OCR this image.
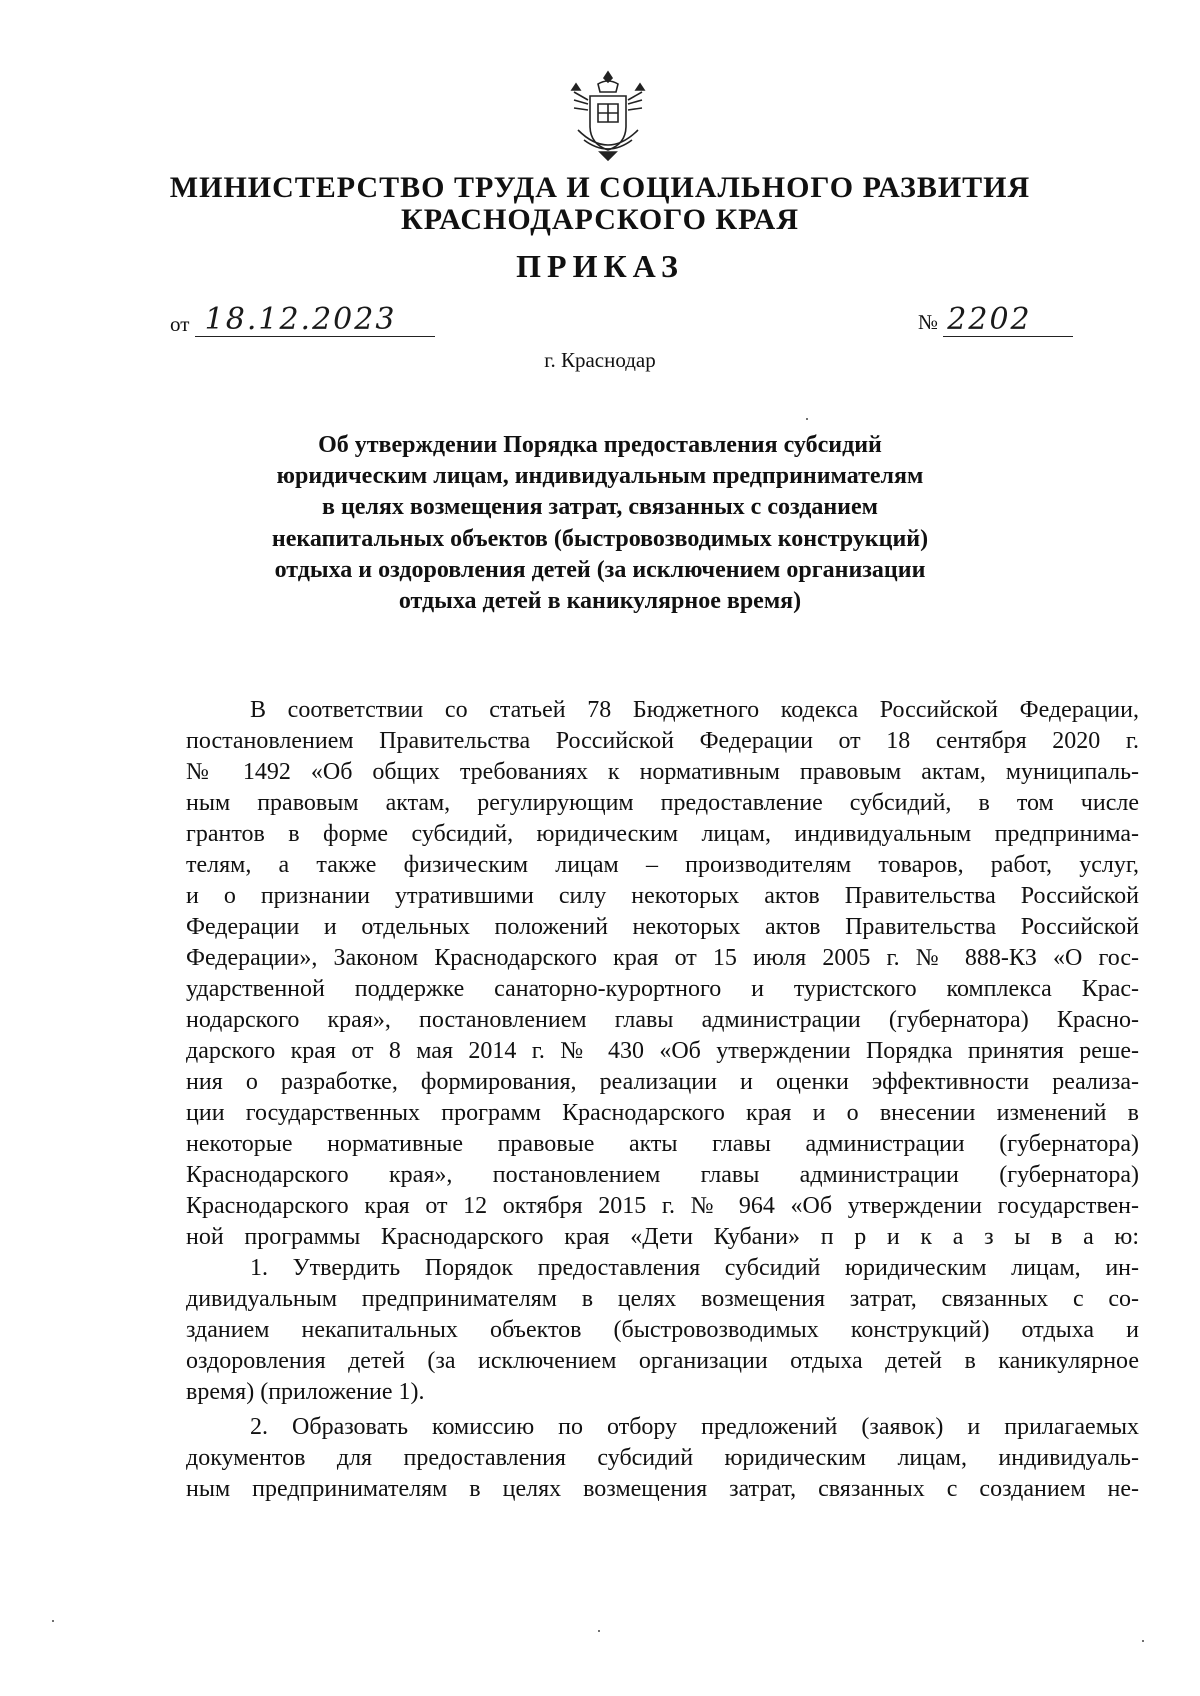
МИНИСТЕРСТВО ТРУДА И СОЦИАЛЬНОГО РАЗВИТИЯ
КРАСНОДАРСКОГО КРАЯ
ПРИКАЗ
от 18.12.2023	№ 2202
г. Краснодар
Об утверждении Порядка предоставления субсидий
юридическим лицам, индивидуальным предпринимателям
в целях возмещения затрат, связанных с созданием
некапитальных объектов (быстровозводимых конструкций)
отдыха и оздоровления детей (за исключением организации
отдыха детей в каникулярное время)
В соответствии со статьей 78 Бюджетного кодекса Российской Федерации,
постановлением Правительства Российской Федерации от 18 сентября 2020 г.
№ 1492 «Об общих требованиях к нормативным правовым актам, муниципаль-
ным правовым актам, регулирующим предоставление субсидий, в том числе
грантов в форме субсидий, юридическим лицам, индивидуальным предпринима-
телям, а также физическим лицам – производителям товаров, работ, услуг,
и о признании утратившими силу некоторых актов Правительства Российской
Федерации и отдельных положений некоторых актов Правительства Российской
Федерации», Законом Краснодарского края от 15 июля 2005 г. № 888-КЗ «О гос-
ударственной поддержке санаторно-курортного и туристского комплекса Крас-
нодарского края», постановлением главы администрации (губернатора) Красно-
дарского края от 8 мая 2014 г. № 430 «Об утверждении Порядка принятия реше-
ния о разработке, формирования, реализации и оценки эффективности реализа-
ции государственных программ Краснодарского края и о внесении изменений в
некоторые нормативные правовые акты главы администрации (губернатора)
Краснодарского края», постановлением главы администрации (губернатора)
Краснодарского края от 12 октября 2015 г. № 964 «Об утверждении государствен-
ной программы Краснодарского края «Дети Кубани» п р и к а з ы в а ю:
1. Утвердить Порядок предоставления субсидий юридическим лицам, ин-
дивидуальным предпринимателям в целях возмещения затрат, связанных с со-
зданием некапитальных объектов (быстровозводимых конструкций) отдыха и
оздоровления детей (за исключением организации отдыха детей в каникулярное
время) (приложение 1).
2. Образовать комиссию по отбору предложений (заявок) и прилагаемых
документов для предоставления субсидий юридическим лицам, индивидуаль-
ным предпринимателям в целях возмещения затрат, связанных с созданием не-
